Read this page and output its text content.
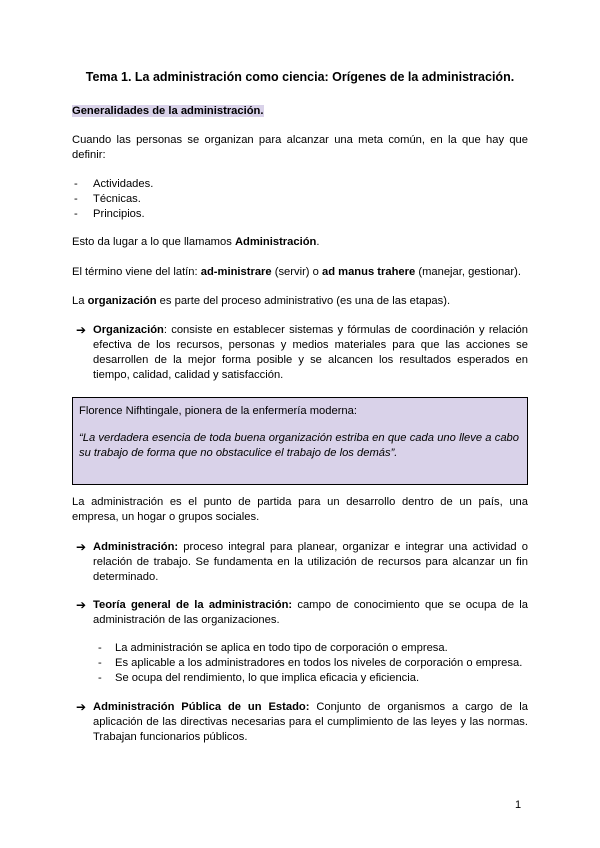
Tema 1. La administración como ciencia: Orígenes de la administración.
Generalidades de la administración.
Cuando las personas se organizan para alcanzar una meta común, en la que hay que definir:
- Actividades.
- Técnicas.
- Principios.
Esto da lugar a lo que llamamos Administración.
El término viene del latín: ad-ministrare (servir) o ad manus trahere (manejar, gestionar).
La organización es parte del proceso administrativo (es una de las etapas).
➔ Organización: consiste en establecer sistemas y fórmulas de coordinación y relación efectiva de los recursos, personas y medios materiales para que las acciones se desarrollen de la mejor forma posible y se alcancen los resultados esperados en tiempo, calidad, calidad y satisfacción.
Florence Nifhtingale, pionera de la enfermería moderna:
“La verdadera esencia de toda buena organización estriba en que cada uno lleve a cabo su trabajo de forma que no obstaculice el trabajo de los demás”.
La administración es el punto de partida para un desarrollo dentro de un país, una empresa, un hogar o grupos sociales.
➔ Administración: proceso integral para planear, organizar e integrar una actividad o relación de trabajo. Se fundamenta en la utilización de recursos para alcanzar un fin determinado.
➔ Teoría general de la administración: campo de conocimiento que se ocupa de la administración de las organizaciones.
- La administración se aplica en todo tipo de corporación o empresa.
- Es aplicable a los administradores en todos los niveles de corporación o empresa.
- Se ocupa del rendimiento, lo que implica eficacia y eficiencia.
➔ Administración Pública de un Estado: Conjunto de organismos a cargo de la aplicación de las directivas necesarias para el cumplimiento de las leyes y las normas. Trabajan funcionarios públicos.
1
